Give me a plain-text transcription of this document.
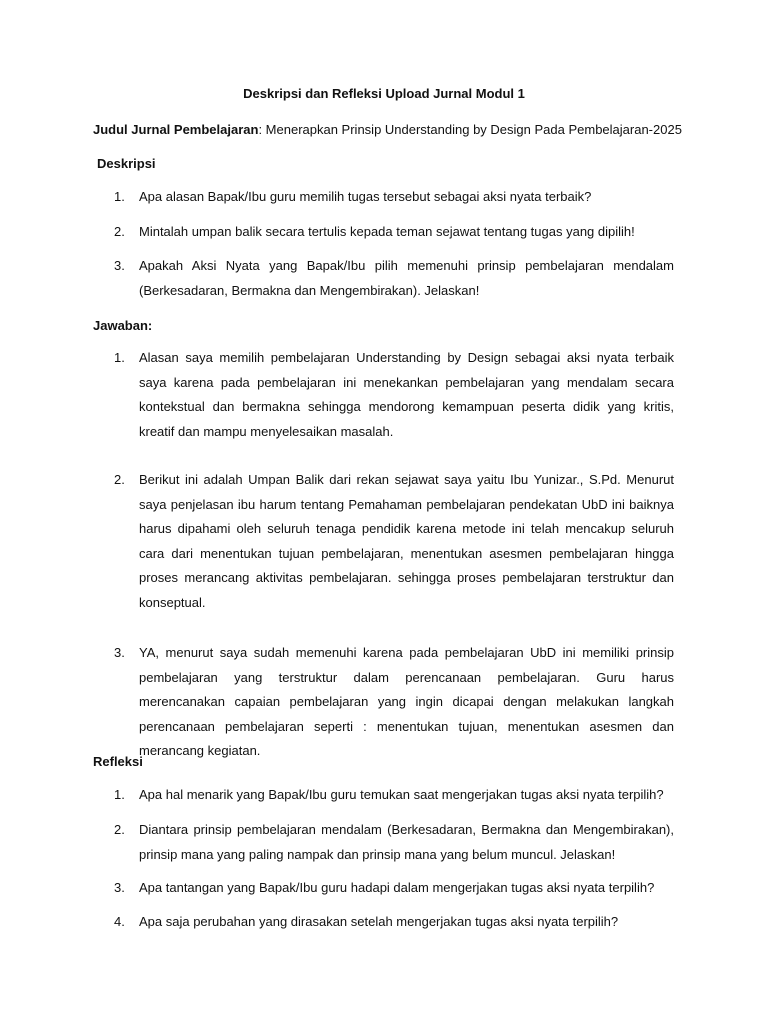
Deskripsi dan Refleksi Upload Jurnal Modul 1
Judul Jurnal Pembelajaran: Menerapkan Prinsip Understanding by Design Pada Pembelajaran-2025
Deskripsi
1. Apa alasan Bapak/Ibu guru memilih tugas tersebut sebagai aksi nyata terbaik?
2. Mintalah umpan balik secara tertulis kepada teman sejawat tentang tugas yang dipilih!
3. Apakah Aksi Nyata yang Bapak/Ibu pilih memenuhi prinsip pembelajaran mendalam (Berkesadaran, Bermakna dan Mengembirakan). Jelaskan!
Jawaban:
1. Alasan saya memilih pembelajaran Understanding by Design sebagai aksi nyata terbaik saya karena pada pembelajaran ini menekankan pembelajaran yang mendalam secara kontekstual dan bermakna sehingga mendorong kemampuan peserta didik yang kritis, kreatif dan mampu menyelesaikan masalah.
2. Berikut ini adalah Umpan Balik dari rekan sejawat saya yaitu Ibu Yunizar., S.Pd. Menurut saya penjelasan ibu harum tentang Pemahaman pembelajaran pendekatan UbD ini baiknya harus dipahami oleh seluruh tenaga pendidik karena metode ini telah mencakup seluruh cara dari menentukan tujuan pembelajaran, menentukan asesmen pembelajaran hingga proses merancang aktivitas pembelajaran. sehingga proses pembelajaran terstruktur dan konseptual.
3. YA, menurut saya sudah memenuhi karena pada pembelajaran UbD ini memiliki prinsip pembelajaran yang terstruktur dalam perencanaan pembelajaran. Guru harus merencanakan capaian pembelajaran yang ingin dicapai dengan melakukan langkah perencanaan pembelajaran seperti : menentukan tujuan, menentukan asesmen dan merancang kegiatan.
Refleksi
1. Apa hal menarik yang Bapak/Ibu guru temukan saat mengerjakan tugas aksi nyata terpilih?
2. Diantara prinsip pembelajaran mendalam (Berkesadaran, Bermakna dan Mengembirakan), prinsip mana yang paling nampak dan prinsip mana yang belum muncul. Jelaskan!
3. Apa tantangan yang Bapak/Ibu guru hadapi dalam mengerjakan tugas aksi nyata terpilih?
4. Apa saja perubahan yang dirasakan setelah mengerjakan tugas aksi nyata terpilih?
